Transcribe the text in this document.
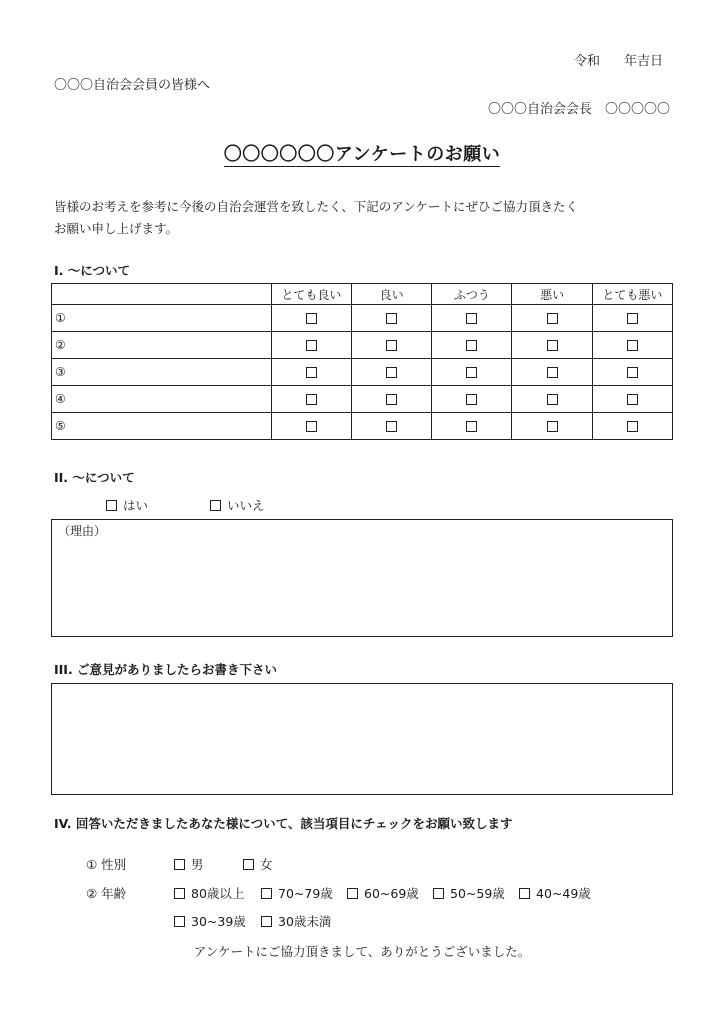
令和 年吉日
〇〇〇自治会会員の皆様へ
〇〇〇自治会会長　〇〇〇〇〇
〇〇〇〇〇〇アンケートのお願い
皆様のお考えを参考に今後の自治会運営を致したく、下記のアンケートにぜひご協力頂きたく
お願い申し上げます。
I. 〜について
	とても良い	良い	ふつう	悪い	とても悪い
①					
②					
③					
④					
⑤					
II. 〜について
はい	いいえ
（理由）
III. ご意見がありましたらお書き下さい
IV. 回答いただきましたあなた様について、該当項目にチェックをお願い致します
① 性別
② 年齢
男	女
80歳以上	70~79歳	60~69歳	50~59歳	40~49歳
30~39歳	30歳未満
アンケートにご協力頂きまして、ありがとうございました。
